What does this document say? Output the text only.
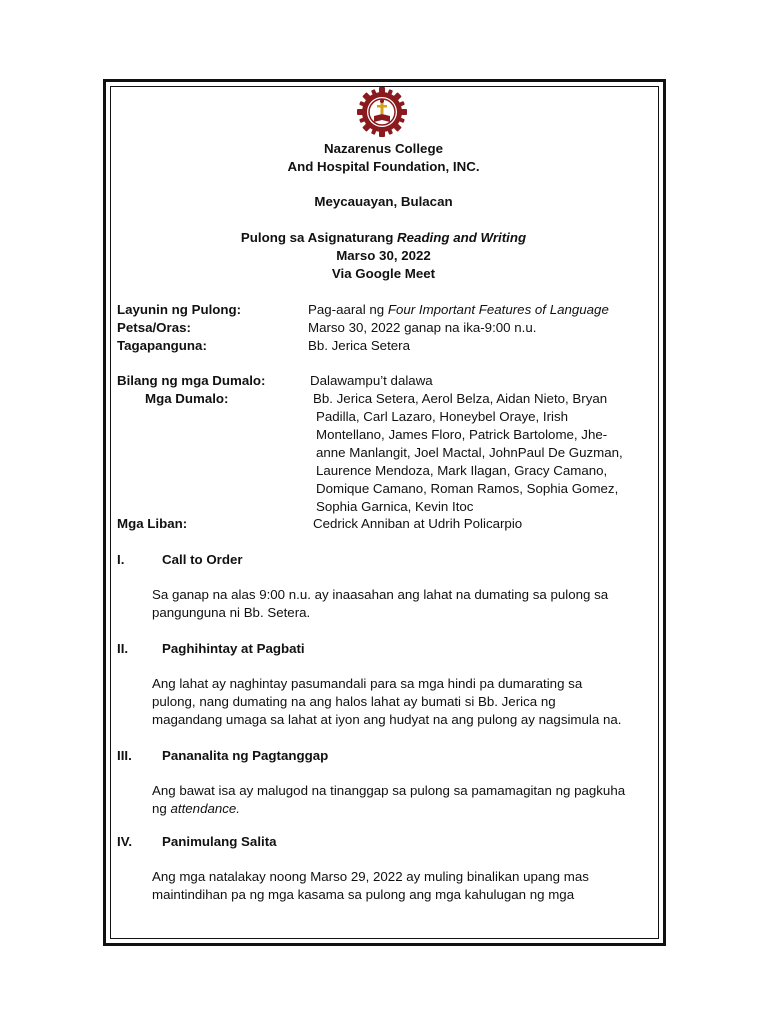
Nazarenus College
And Hospital Foundation, INC.
Meycauayan, Bulacan
Pulong sa Asignaturang Reading and Writing
Marso 30, 2022
Via Google Meet
Layunin ng Pulong:	Pag-aaral ng Four Important Features of Language
Petsa/Oras:	Marso 30, 2022 ganap na ika-9:00 n.u.
Tagapanguna:	Bb. Jerica Setera
Bilang ng mga Dumalo:	Dalawampu’t dalawa
Mga Dumalo:	Bb. Jerica Setera, Aerol Belza, Aidan Nieto, Bryan
Padilla, Carl Lazaro, Honeybel Oraye, Irish
Montellano, James Floro, Patrick Bartolome, Jhe-
anne Manlangit, Joel Mactal, JohnPaul De Guzman,
Laurence Mendoza, Mark Ilagan, Gracy Camano,
Domique Camano, Roman Ramos, Sophia Gomez,
Sophia Garnica, Kevin Itoc
Mga Liban:	Cedrick Anniban at Udrih Policarpio
I.	Call to Order
Sa ganap na alas 9:00 n.u. ay inaasahan ang lahat na dumating sa pulong sa
pangunguna ni Bb. Setera.
II.	Paghihintay at Pagbati
Ang lahat ay naghintay pasumandali para sa mga hindi pa dumarating sa
pulong, nang dumating na ang halos lahat ay bumati si Bb. Jerica ng
magandang umaga sa lahat at iyon ang hudyat na ang pulong ay nagsimula na.
III. Pananalita ng Pagtanggap
Ang bawat isa ay malugod na tinanggap sa pulong sa pamamagitan ng pagkuha
ng attendance.
IV. Panimulang Salita
Ang mga natalakay noong Marso 29, 2022 ay muling binalikan upang mas
maintindihan pa ng mga kasama sa pulong ang mga kahulugan ng mga
